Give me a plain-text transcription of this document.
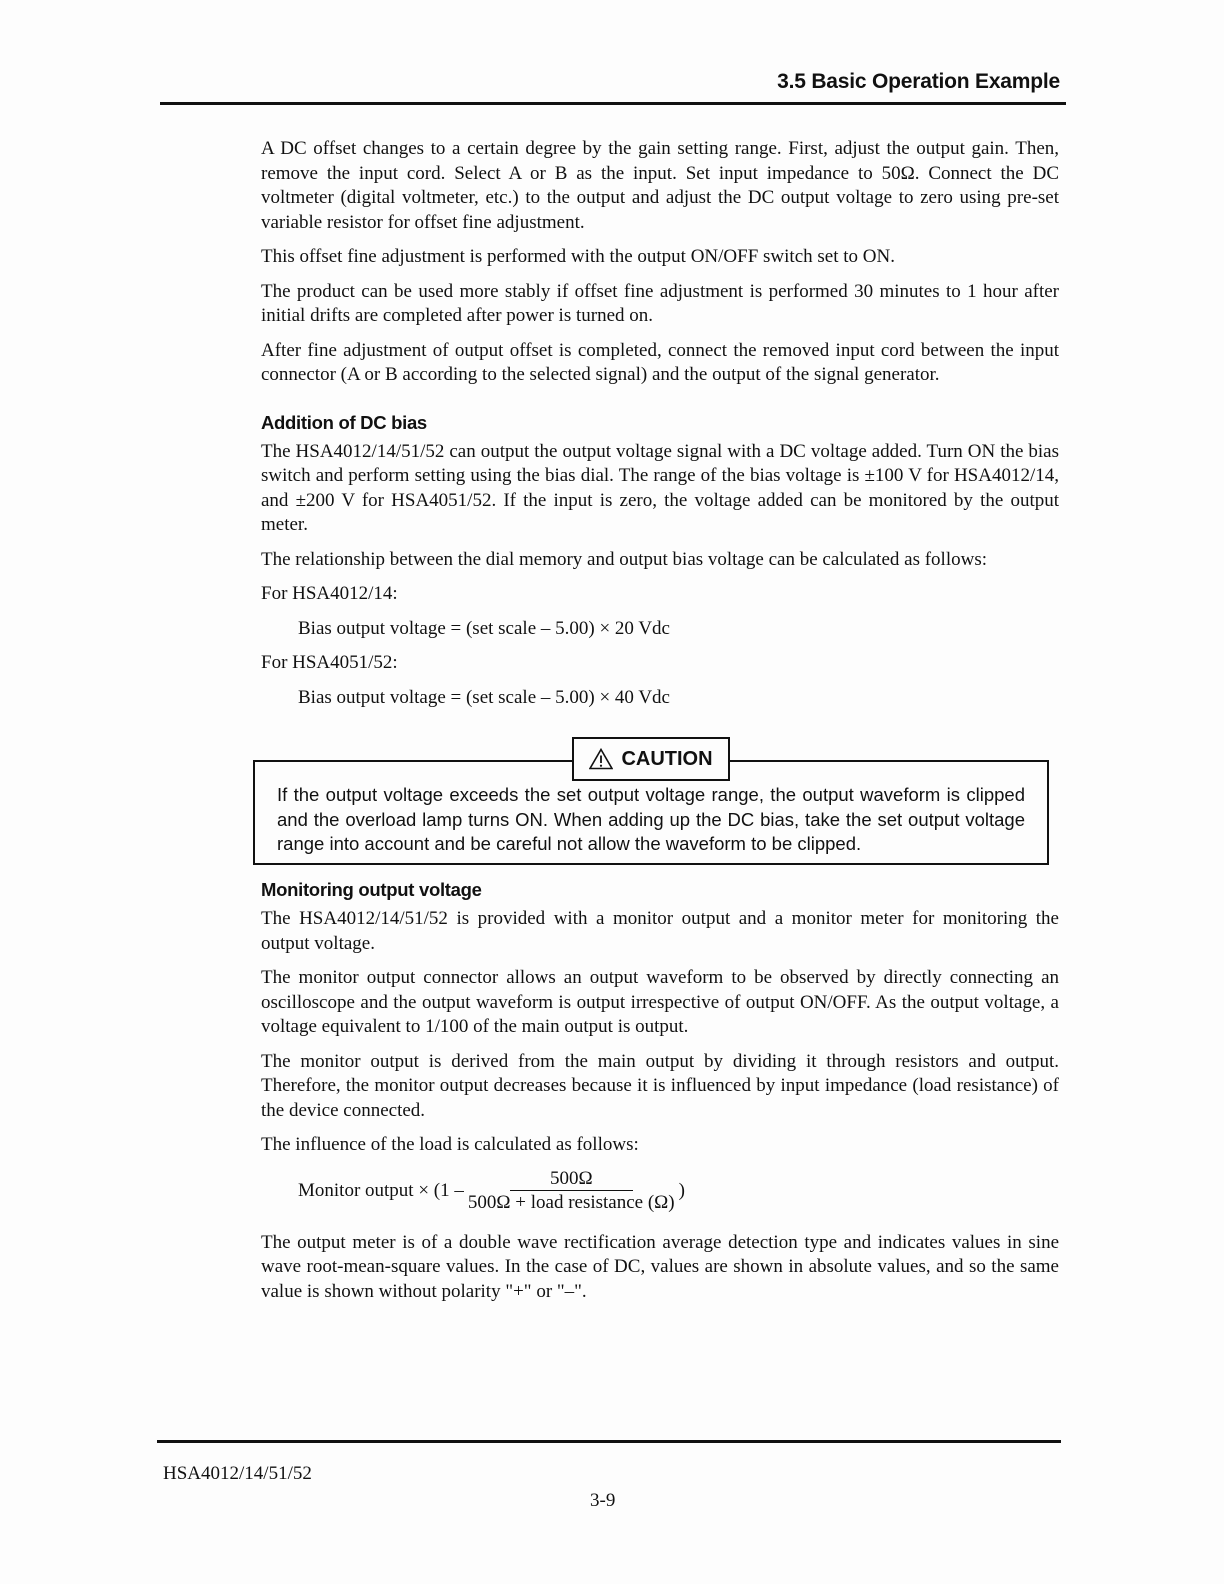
3.5 Basic Operation Example

A DC offset changes to a certain degree by the gain setting range. First, adjust the output gain. Then, remove the input cord. Select A or B as the input. Set input impedance to 50Ω. Connect the DC voltmeter (digital voltmeter, etc.) to the output and adjust the DC output voltage to zero using pre-set variable resistor for offset fine adjustment.

This offset fine adjustment is performed with the output ON/OFF switch set to ON.

The product can be used more stably if offset fine adjustment is performed 30 minutes to 1 hour after initial drifts are completed after power is turned on.

After fine adjustment of output offset is completed, connect the removed input cord between the input connector (A or B according to the selected signal) and the output of the signal generator.

Addition of DC bias

The HSA4012/14/51/52 can output the output voltage signal with a DC voltage added. Turn ON the bias switch and perform setting using the bias dial. The range of the bias voltage is ±100 V for HSA4012/14, and ±200 V for HSA4051/52. If the input is zero, the voltage added can be monitored by the output meter.

The relationship between the dial memory and output bias voltage can be calculated as follows:

For HSA4012/14:

Bias output voltage = (set scale – 5.00) × 20 Vdc

For HSA4051/52:

Bias output voltage = (set scale – 5.00) × 40 Vdc

CAUTION
If the output voltage exceeds the set output voltage range, the output waveform is clipped and the overload lamp turns ON. When adding up the DC bias, take the set output voltage range into account and be careful not allow the waveform to be clipped.
Monitoring output voltage

The HSA4012/14/51/52 is provided with a monitor output and a monitor meter for monitoring the output voltage.

The monitor output connector allows an output waveform to be observed by directly connecting an oscilloscope and the output waveform is output irrespective of output ON/OFF. As the output voltage, a voltage equivalent to 1/100 of the main output is output.

The monitor output is derived from the main output by dividing it through resistors and output. Therefore, the monitor output decreases because it is influenced by input impedance (load resistance) of the device connected.

The influence of the load is calculated as follows:

Monitor output × ($1 - \frac{500\Omega}{\text{500Ω + load resistance (Ω)}}$ )

The output meter is of a double wave rectification average detection type and indicates values in sine wave root-mean-square values. In the case of DC, values are shown in absolute values, and so the same value is shown without polarity "+" or "–".

HSA4012/14/51/52
3-9
